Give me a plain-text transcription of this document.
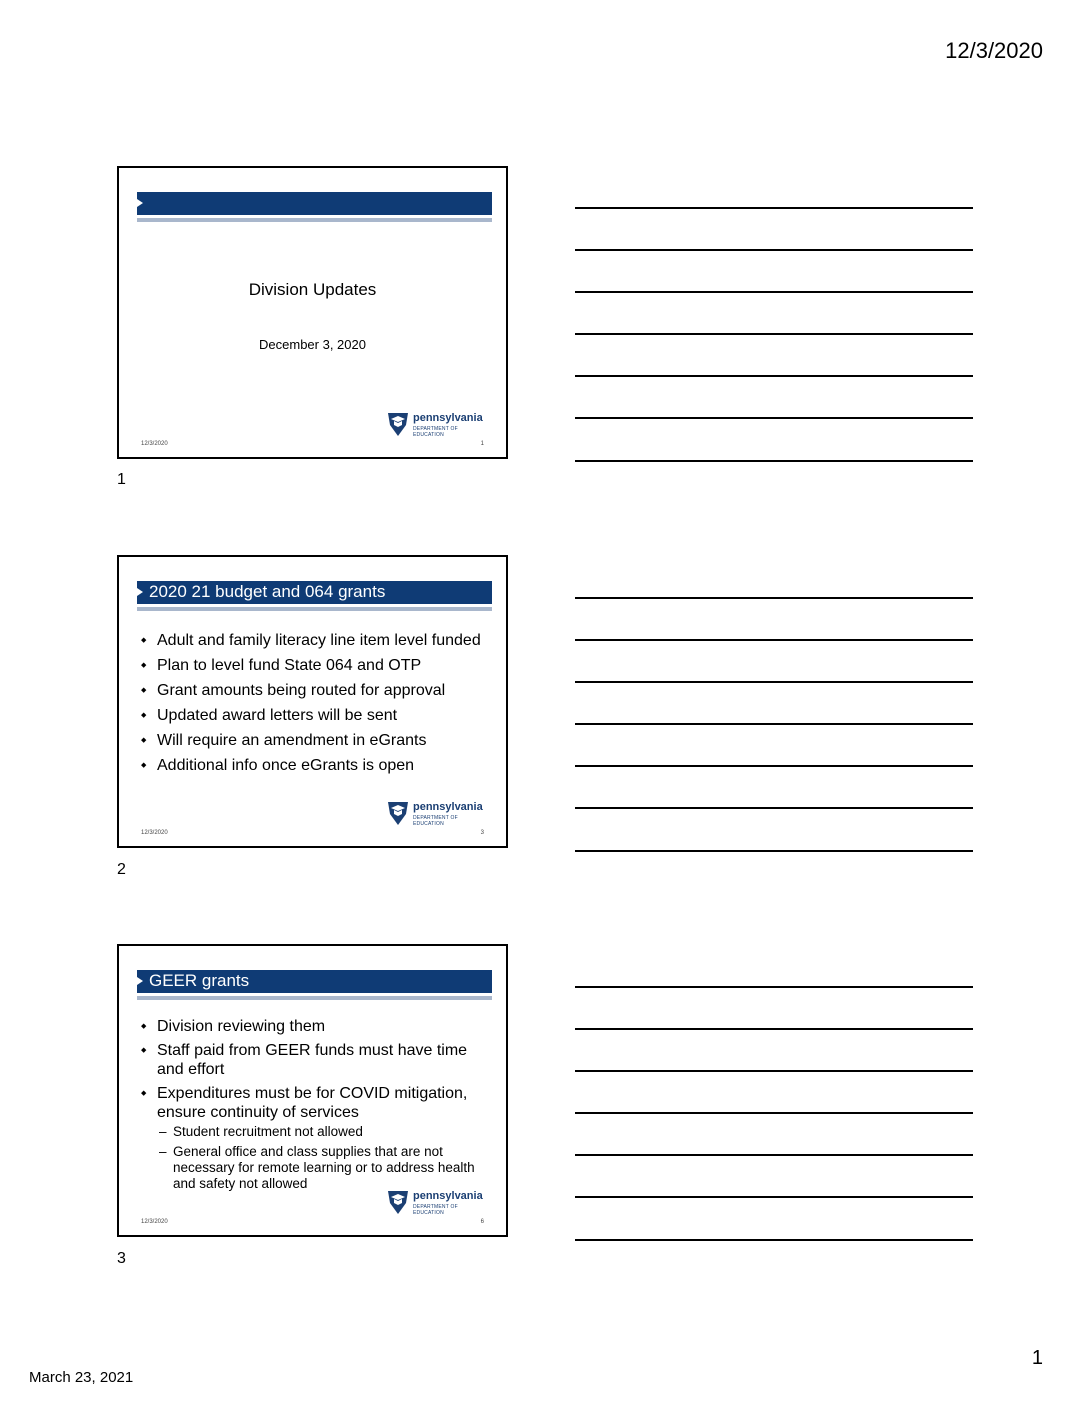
12/3/2020
Division Updates
December 3, 2020
pennsylvania
DEPARTMENT OF EDUCATION
12/3/2020	1
1
2020 21 budget and 064 grants
◆ Adult and family literacy line item level funded
◆ Plan to level fund State 064 and OTP
◆ Grant amounts being routed for approval
◆ Updated award letters will be sent
◆ Will require an amendment in eGrants
◆ Additional info once eGrants is open
pennsylvania
DEPARTMENT OF EDUCATION
12/3/2020	3
2
GEER grants
◆ Division reviewing them
◆ Staff paid from GEER funds must have time and effort
◆ Expenditures must be for COVID mitigation, ensure continuity of services
– Student recruitment not allowed
– General office and class supplies that are not necessary for remote learning or to address health and safety not allowed
pennsylvania
DEPARTMENT OF EDUCATION
12/3/2020	6
3
1
March 23, 2021
